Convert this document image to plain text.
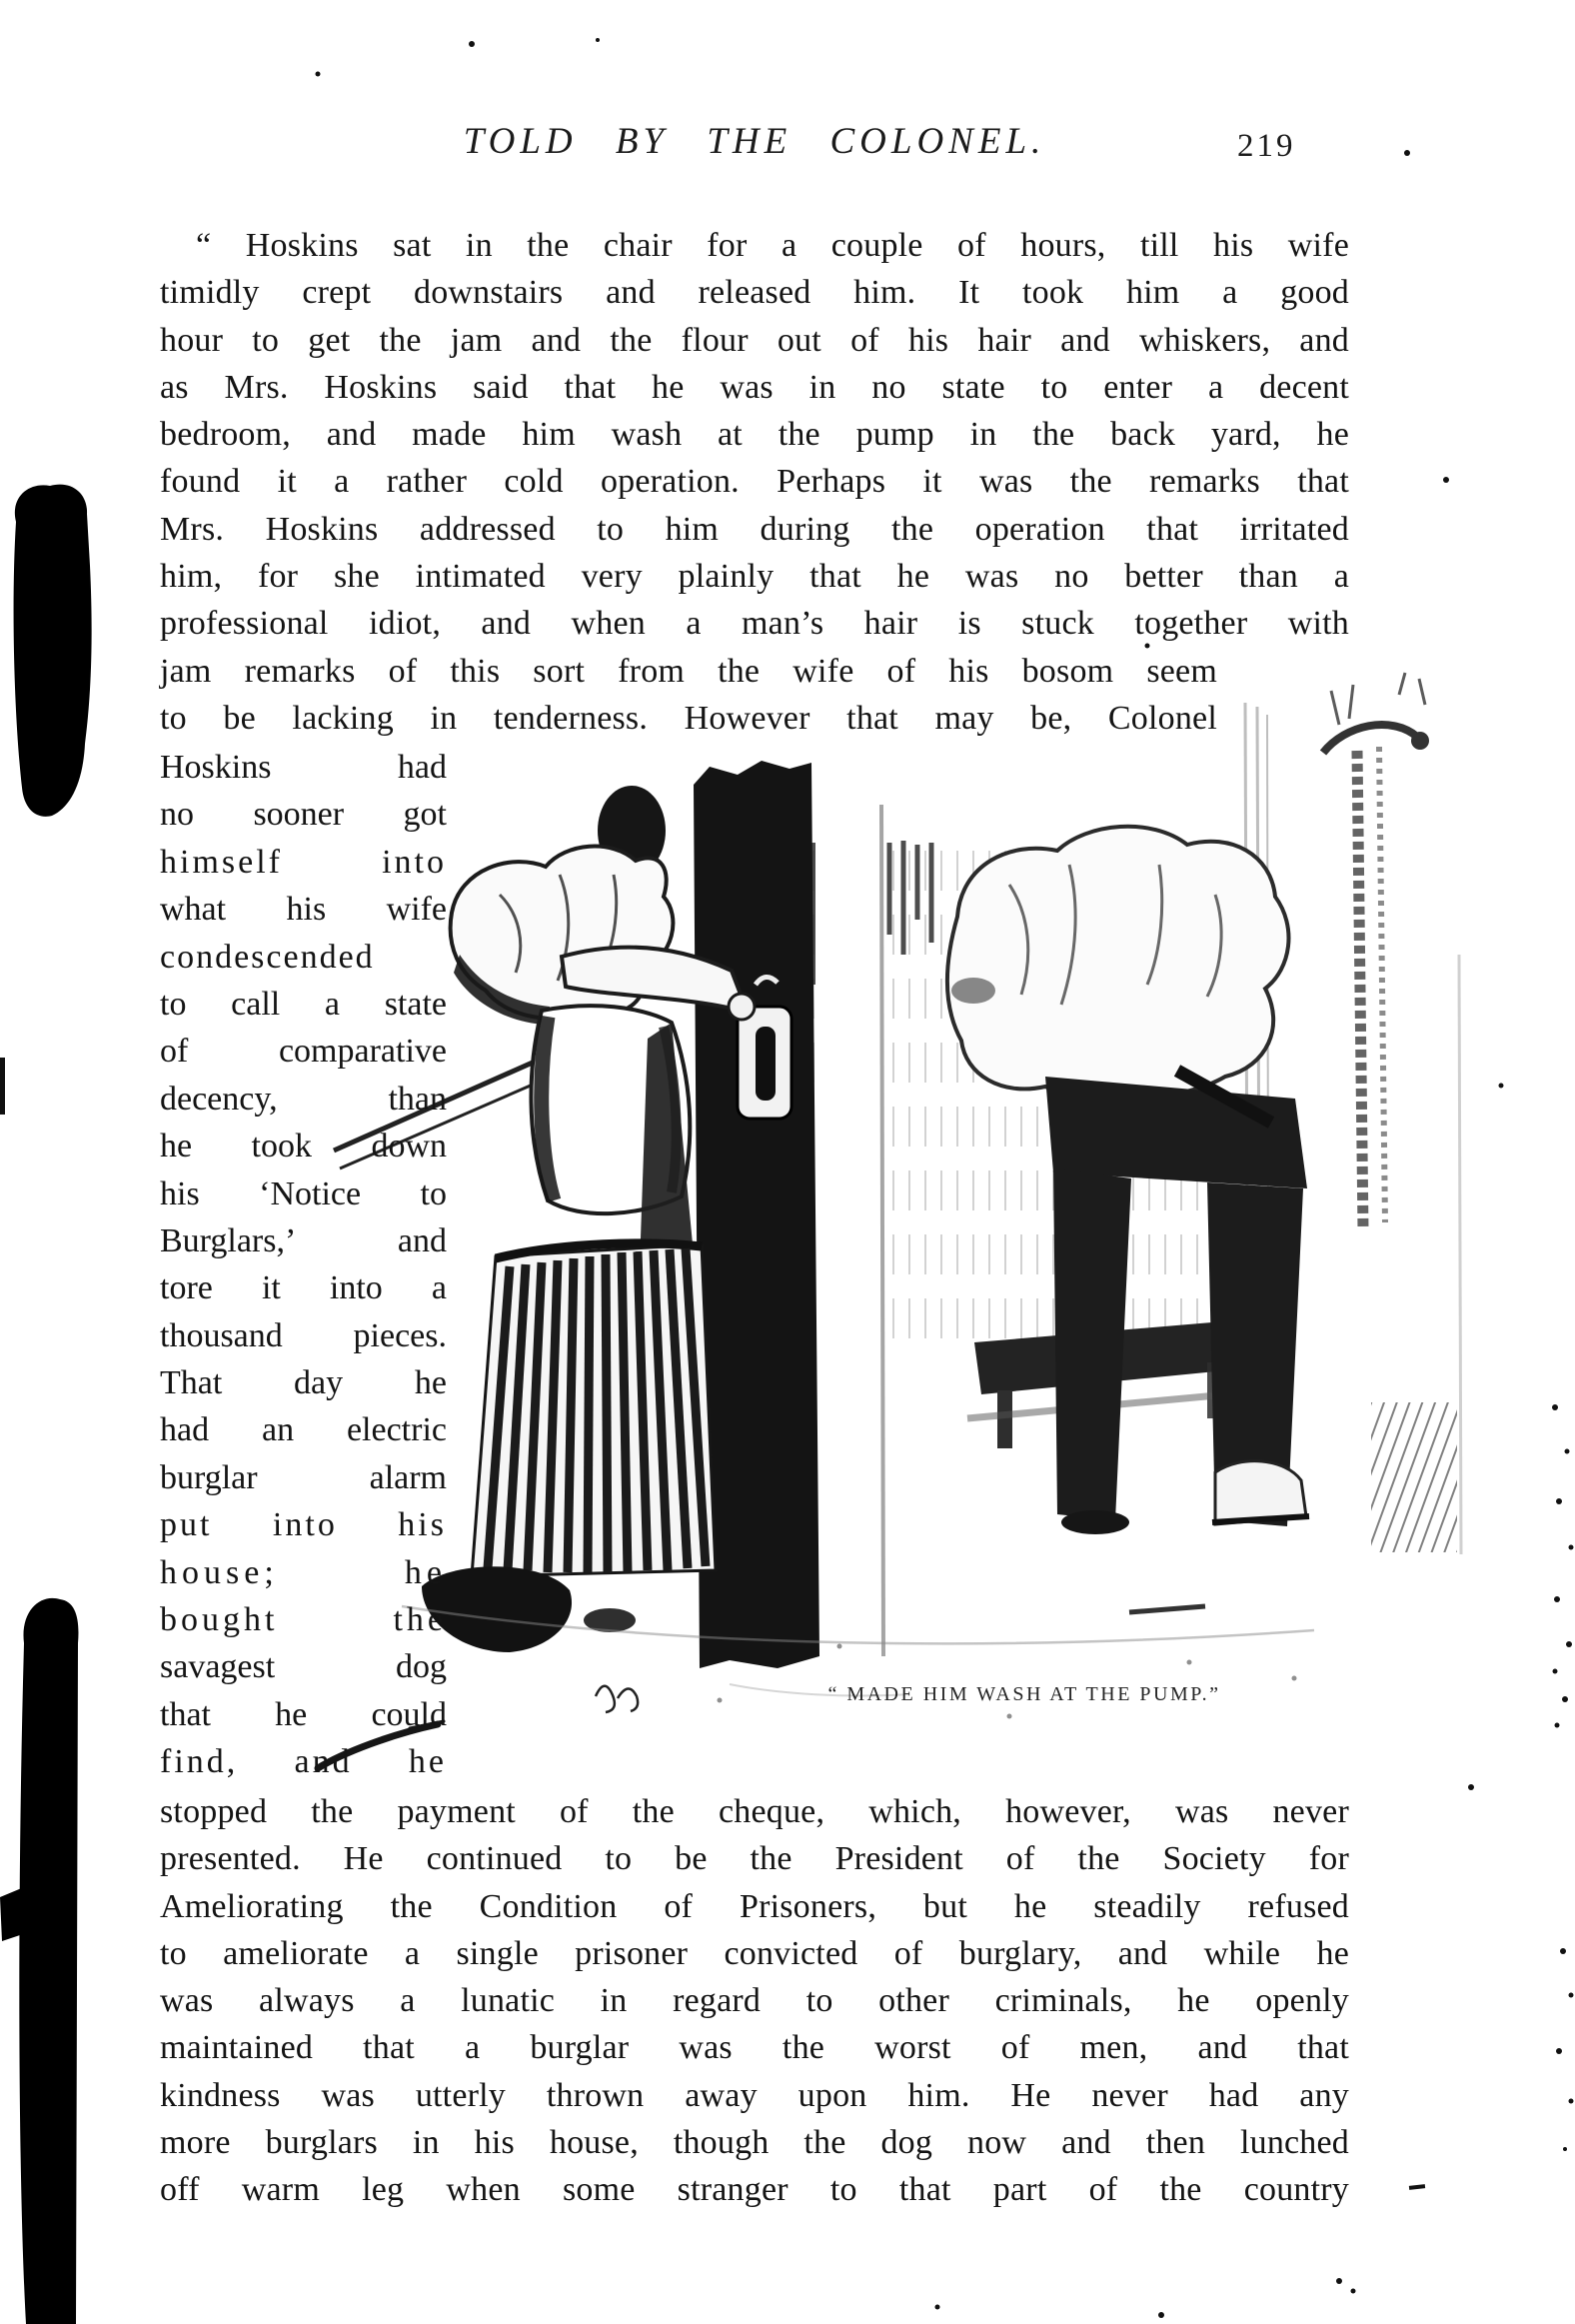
TOLD BY THE COLONEL.	219
“ Hoskins sat in the chair for a couple of hours, till his wife
timidly crept downstairs and released him. It took him a good
hour to get the jam and the flour out of his hair and whiskers, and
as Mrs. Hoskins said that he was in no state to enter a decent
bedroom, and made him wash at the pump in the back yard, he
found it a rather cold operation. Perhaps it was the remarks that
Mrs. Hoskins addressed to him during the operation that irritated
him, for she intimated very plainly that he was no better than a
professional idiot, and when a man’s hair is stuck together with
jam remarks of this sort from the wife of his bosom seem
to be lacking in tenderness. However that may be, Colonel
Hoskins had
no sooner got
himself into
what his wife
condescended
to call a state
of comparative
decency, than
he took down
his ‘Notice to
Burglars,’ and
tore it into a
thousand pieces.
That day he
had an electric
burglar alarm
put into his
house; he
bought the
savagest dog
that he could
find, and he
stopped the payment of the cheque, which, however, was never
presented. He continued to be the President of the Society for
Ameliorating the Condition of Prisoners, but he steadily refused
to ameliorate a single prisoner convicted of burglary, and while he
was always a lunatic in regard to other criminals, he openly
maintained that a burglar was the worst of men, and that
kindness was utterly thrown away upon him. He never had any
more burglars in his house, though the dog now and then lunched
off warm leg when some stranger to that part of the country
“ MADE HIM WASH AT THE PUMP.”
